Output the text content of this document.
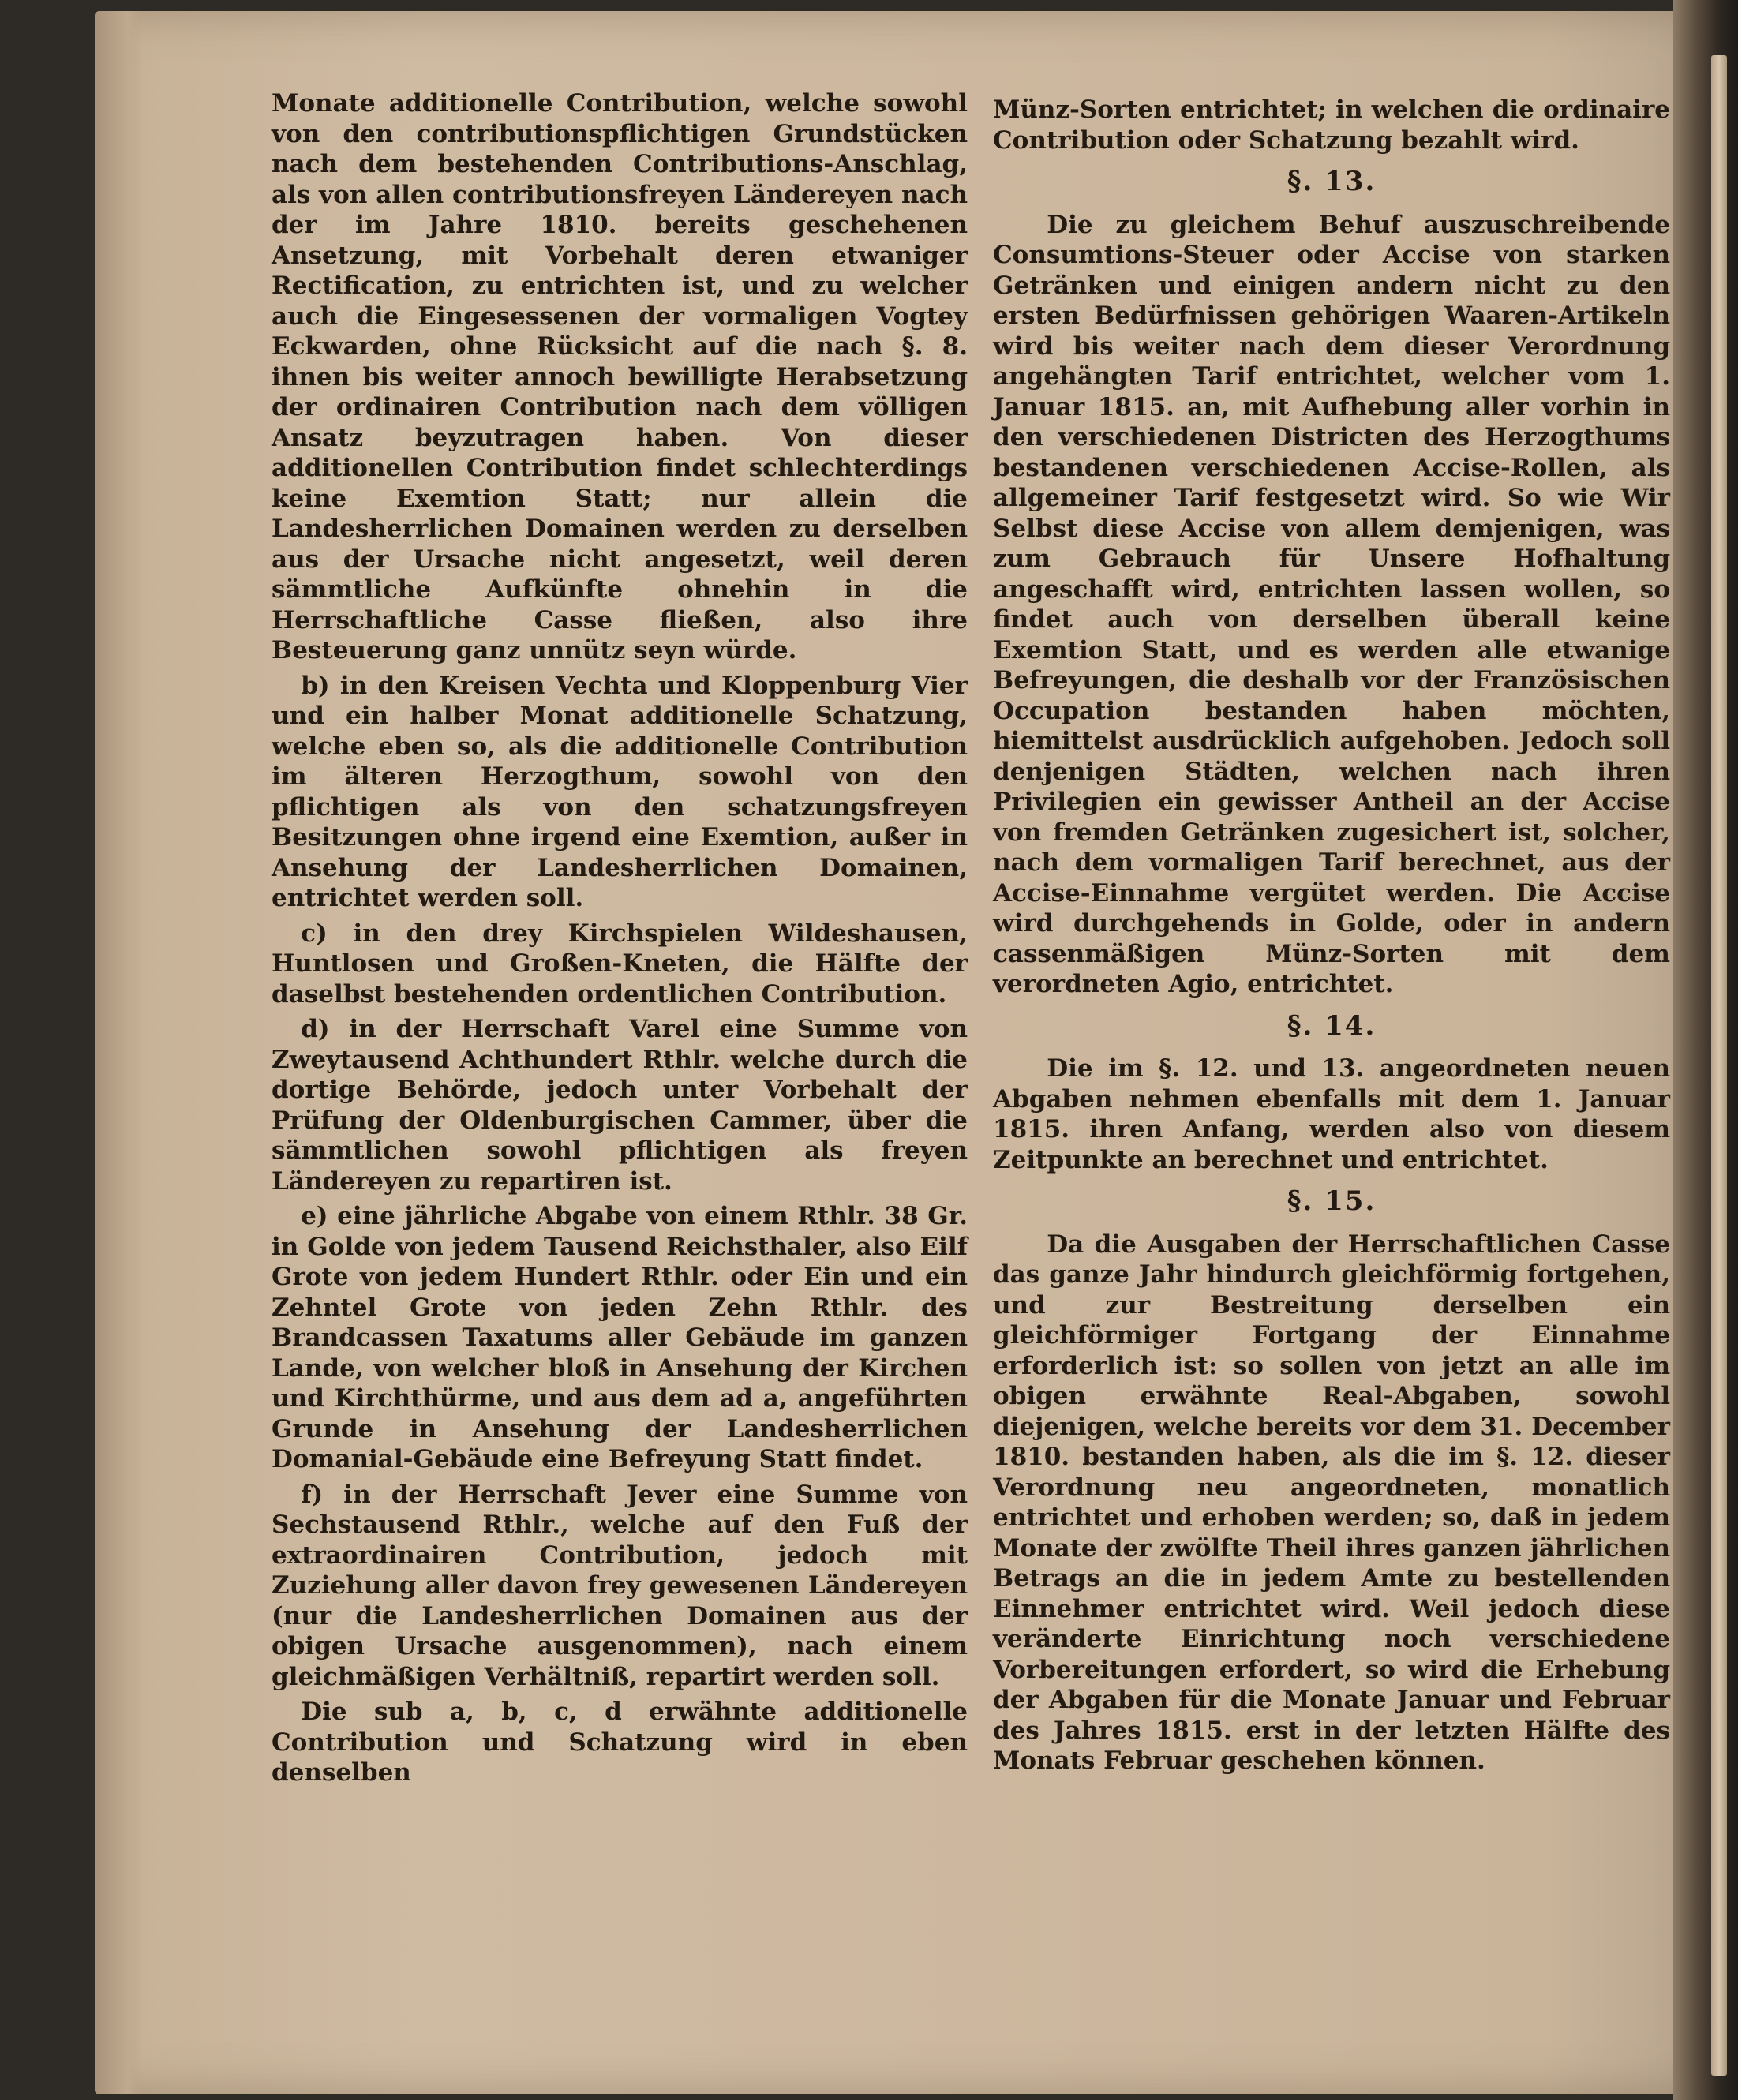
Monate additionelle Contribution, welche sowohl von den contributionspflichtigen Grundstücken nach dem bestehenden Contributions-Anschlag, als von allen contributionsfreyen Ländereyen nach der im Jahre 1810. bereits geschehenen Ansetzung, mit Vorbehalt deren etwaniger Rectification, zu entrichten ist, und zu welcher auch die Eingesessenen der vormaligen Vogtey Eckwarden, ohne Rücksicht auf die nach §. 8. ihnen bis weiter annoch bewilligte Herabsetzung der ordinairen Contribution nach dem völligen Ansatz beyzutragen haben. Von dieser additionellen Contribution findet schlechterdings keine Exemtion Statt; nur allein die Landesherrlichen Domainen werden zu derselben aus der Ursache nicht angesetzt, weil deren sämmtliche Aufkünfte ohnehin in die Herrschaftliche Casse fließen, also ihre Besteuerung ganz unnütz seyn würde.

b) in den Kreisen Vechta und Kloppenburg Vier und ein halber Monat additionelle Schatzung, welche eben so, als die additionelle Contribution im älteren Herzogthum, sowohl von den pflichtigen als von den schatzungsfreyen Besitzungen ohne irgend eine Exemtion, außer in Ansehung der Landesherrlichen Domainen, entrichtet werden soll.

c) in den drey Kirchspielen Wildeshausen, Huntlosen und Großen-Kneten, die Hälfte der daselbst bestehenden ordentlichen Contribution.

d) in der Herrschaft Varel eine Summe von Zweytausend Achthundert Rthlr. welche durch die dortige Behörde, jedoch unter Vorbehalt der Prüfung der Oldenburgischen Cammer, über die sämmtlichen sowohl pflichtigen als freyen Ländereyen zu repartiren ist.

e) eine jährliche Abgabe von einem Rthlr. 38 Gr. in Golde von jedem Tausend Reichsthaler, also Eilf Grote von jedem Hundert Rthlr. oder Ein und ein Zehntel Grote von jeden Zehn Rthlr. des Brandcassen Taxatums aller Gebäude im ganzen Lande, von welcher bloß in Ansehung der Kirchen und Kirchthürme, und aus dem ad a, angeführten Grunde in Ansehung der Landesherrlichen Domanial-Gebäude eine Befreyung Statt findet.

f) in der Herrschaft Jever eine Summe von Sechstausend Rthlr., welche auf den Fuß der extraordinairen Contribution, jedoch mit Zuziehung aller davon frey gewesenen Ländereyen (nur die Landesherrlichen Domainen aus der obigen Ursache ausgenommen), nach einem gleichmäßigen Verhältniß, repartirt werden soll.

Die sub a, b, c, d erwähnte additionelle Contribution und Schatzung wird in eben denselben

Münz-Sorten entrichtet; in welchen die ordinaire Contribution oder Schatzung bezahlt wird.

§. 13.

Die zu gleichem Behuf auszuschreibende Consumtions-Steuer oder Accise von starken Getränken und einigen andern nicht zu den ersten Bedürfnissen gehörigen Waaren-Artikeln wird bis weiter nach dem dieser Verordnung angehängten Tarif entrichtet, welcher vom 1. Januar 1815. an, mit Aufhebung aller vorhin in den verschiedenen Districten des Herzogthums bestandenen verschiedenen Accise-Rollen, als allgemeiner Tarif festgesetzt wird. So wie Wir Selbst diese Accise von allem demjenigen, was zum Gebrauch für Unsere Hofhaltung angeschafft wird, entrichten lassen wollen, so findet auch von derselben überall keine Exemtion Statt, und es werden alle etwanige Befreyungen, die deshalb vor der Französischen Occupation bestanden haben möchten, hiemittelst ausdrücklich aufgehoben. Jedoch soll denjenigen Städten, welchen nach ihren Privilegien ein gewisser Antheil an der Accise von fremden Getränken zugesichert ist, solcher, nach dem vormaligen Tarif berechnet, aus der Accise-Einnahme vergütet werden. Die Accise wird durchgehends in Golde, oder in andern cassenmäßigen Münz-Sorten mit dem verordneten Agio, entrichtet.

§. 14.

Die im §. 12. und 13. angeordneten neuen Abgaben nehmen ebenfalls mit dem 1. Januar 1815. ihren Anfang, werden also von diesem Zeitpunkte an berechnet und entrichtet.

§. 15.

Da die Ausgaben der Herrschaftlichen Casse das ganze Jahr hindurch gleichförmig fortgehen, und zur Bestreitung derselben ein gleichförmiger Fortgang der Einnahme erforderlich ist: so sollen von jetzt an alle im obigen erwähnte Real-Abgaben, sowohl diejenigen, welche bereits vor dem 31. December 1810. bestanden haben, als die im §. 12. dieser Verordnung neu angeordneten, monatlich entrichtet und erhoben werden; so, daß in jedem Monate der zwölfte Theil ihres ganzen jährlichen Betrags an die in jedem Amte zu bestellenden Einnehmer entrichtet wird. Weil jedoch diese veränderte Einrichtung noch verschiedene Vorbereitungen erfordert, so wird die Erhebung der Abgaben für die Monate Januar und Februar des Jahres 1815. erst in der letzten Hälfte des Monats Februar geschehen können.
